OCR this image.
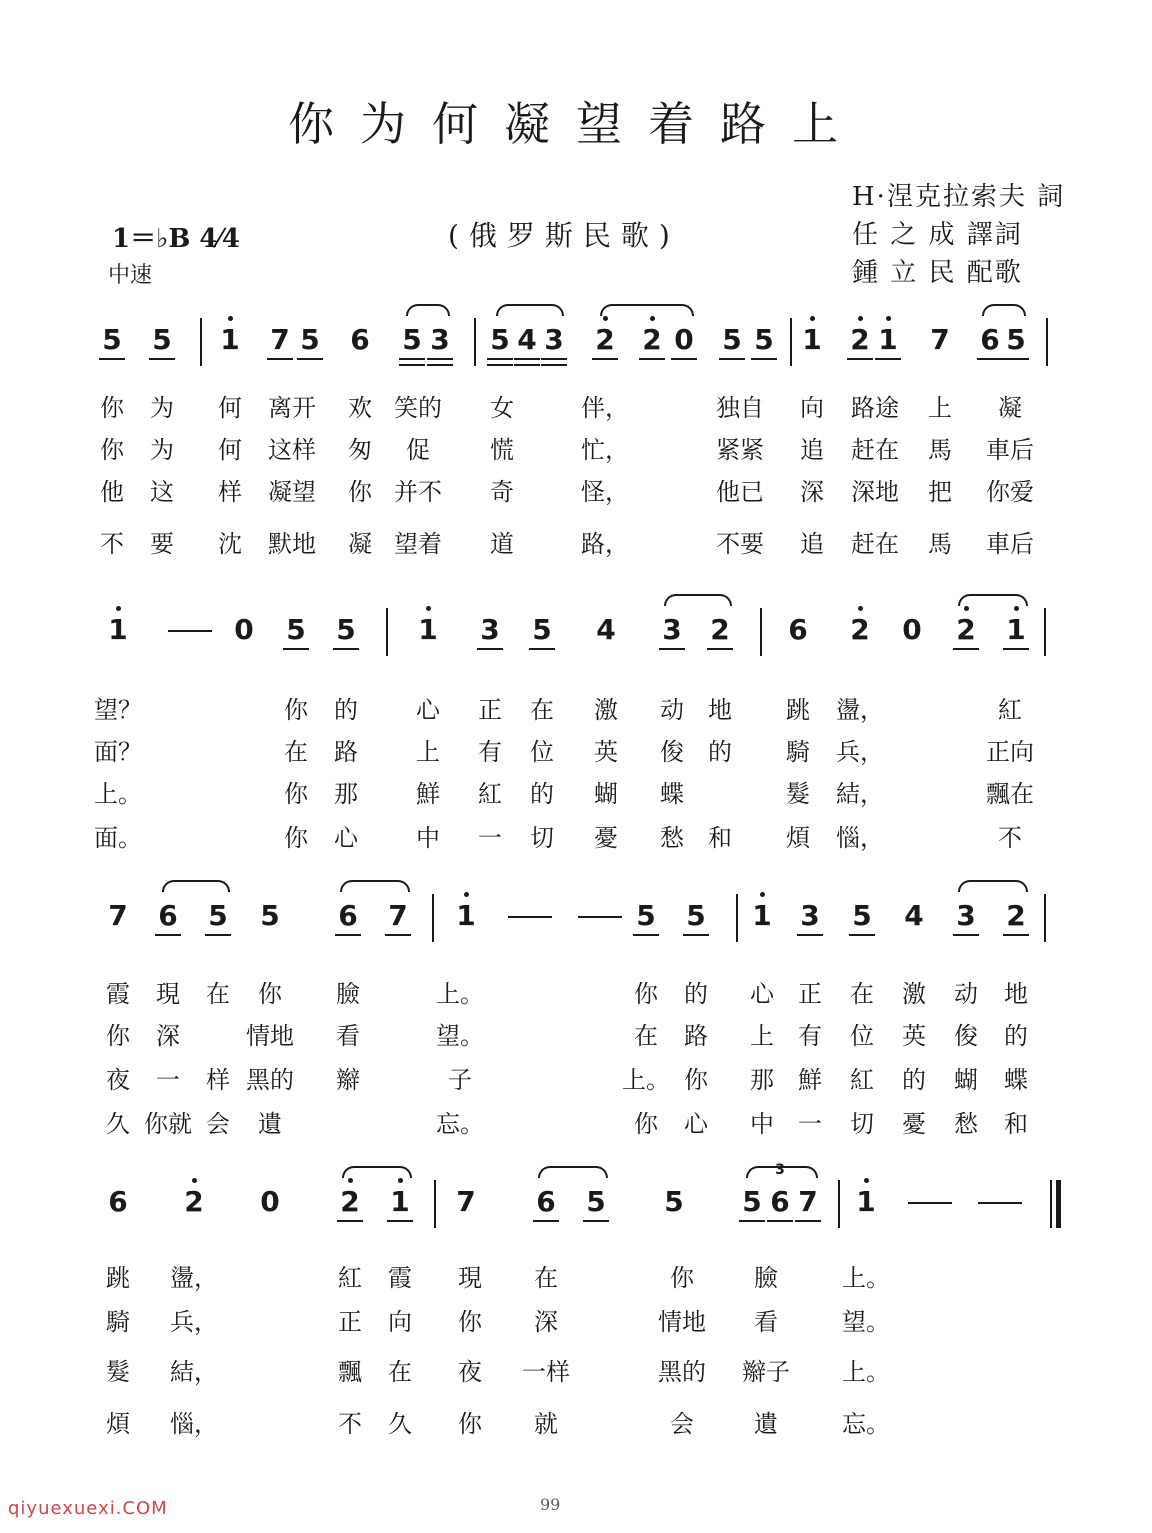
你为何凝望着路上
1＝♭B 4⁄4
中速
(俄罗斯民歌)
H·涅克拉索夫 詞
任 之 成 譯詞
鍾 立 民 配歌
5 5 1 7 5 6 5 3 5 4 3 2 2 0 5 5 1 2 1 7 6 5
1	0 5 5 1 3 5 4 3 2 6 2 0 2 1
7 6 5 5 6 7 1	5 5 1 3 5 4 3 2
6 2 0 2 1 7 6 5 5 5 6 7 1
3
99
qiyuexuexi.COM
你 为 何 离开 欢 笑的 女	伴，	独自 向 路途 上 凝
你 为 何 这样 匆 促	慌	忙，	紧紧 追 赶在 馬 車后
他 这 样 凝望 你 并不 奇	怪，	他已 深 深地 把 你爱
不 要 沈 默地 凝 望着 道	路，	不要 追 赶在 馬 車后
望？	你 的 心 正 在 激 动 地 跳 盪，	紅
面？	在 路 上 有 位 英 俊 的 騎 兵，	正向
上。	你 那 鮮 紅 的 蝴 蝶	髮 結，	飄在
面。	你 心 中 一 切 憂 愁 和 煩 惱，	不
霞 現 在 你 臉	上。	你 的 心 正 在 激 动 地
你 深	情地 看	望。	在 路 上 有 位 英 俊 的
夜 一 样 黑的 辮	子	上。 你 那 鮮 紅 的 蝴 蝶
久 你就 会 遺	忘。	你 心 中 一 切 憂 愁 和
跳 盪，	紅 霞 現 在	你	臉	上。
騎 兵，	正 向 你 深	情地 看	望。
髮 結，	飄 在 夜 一样	黑的 辮子 上。
煩 惱，	不 久 你 就	会	遺	忘。
